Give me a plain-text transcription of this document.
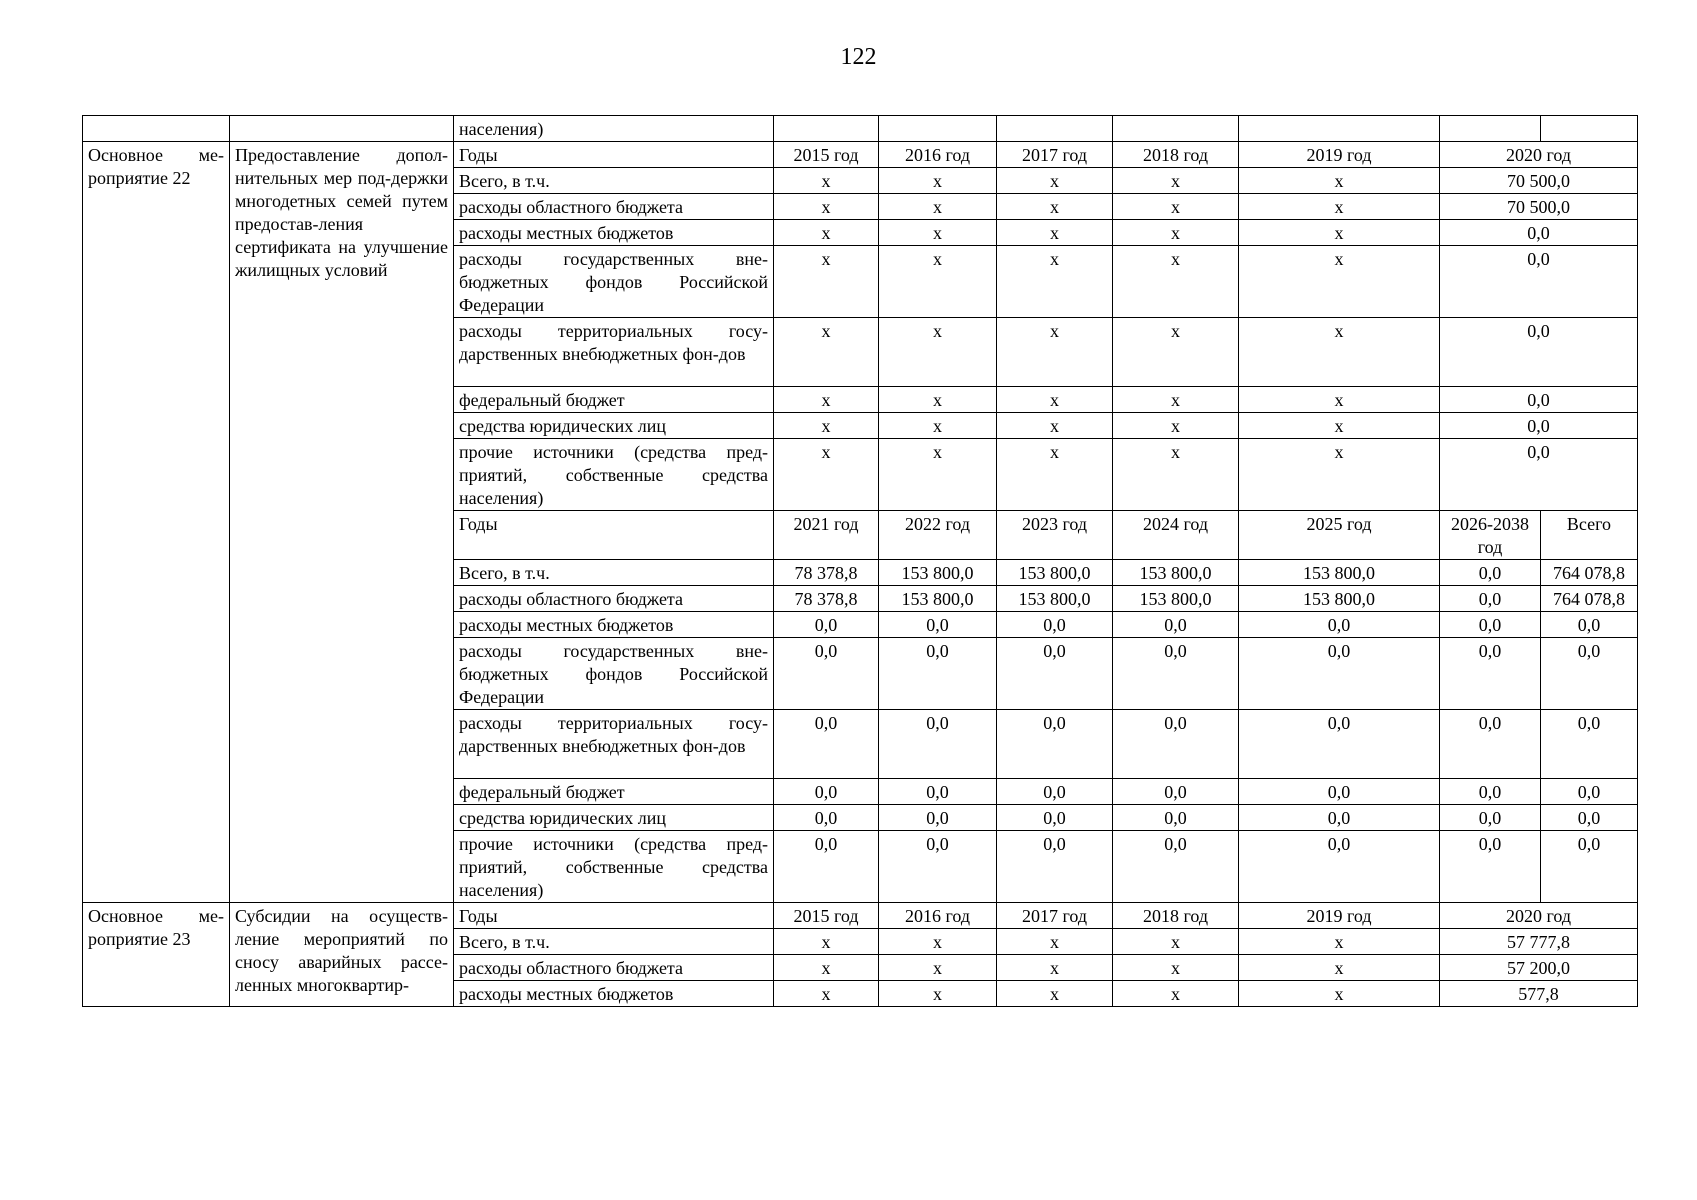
122
		населения)							
Основное ме-роприятие 22	Предоставление допол-нительных мер под-держки многодетных семей путем предостав-ления сертификата на улучшение жилищных условий	Годы	2015 год	2016 год	2017 год	2018 год	2019 год	2020 год	
		Всего, в т.ч.	х	х	х	х	х	70 500,0	
		расходы областного бюджета	х	х	х	х	х	70 500,0	
		расходы местных бюджетов	х	х	х	х	х	0,0	
		расходы государственных вне-бюджетных фондов Российской Федерации	х	х	х	х	х	0,0	
		расходы территориальных госу-дарственных внебюджетных фон-дов	х	х	х	х	х	0,0	
		федеральный бюджет	х	х	х	х	х	0,0	
		средства юридических лиц	х	х	х	х	х	0,0	
		прочие источники (средства пред-приятий, собственные средства населения)	х	х	х	х	х	0,0	
		Годы	2021 год	2022 год	2023 год	2024 год	2025 год	2026-2038 год	Всего
		Всего, в т.ч.	78 378,8	153 800,0	153 800,0	153 800,0	153 800,0	0,0	764 078,8
		расходы областного бюджета	78 378,8	153 800,0	153 800,0	153 800,0	153 800,0	0,0	764 078,8
		расходы местных бюджетов	0,0	0,0	0,0	0,0	0,0	0,0	0,0
		расходы государственных вне-бюджетных фондов Российской Федерации	0,0	0,0	0,0	0,0	0,0	0,0	0,0
		расходы территориальных госу-дарственных внебюджетных фон-дов	0,0	0,0	0,0	0,0	0,0	0,0	0,0
		федеральный бюджет	0,0	0,0	0,0	0,0	0,0	0,0	0,0
		средства юридических лиц	0,0	0,0	0,0	0,0	0,0	0,0	0,0
		прочие источники (средства пред-приятий, собственные средства населения)	0,0	0,0	0,0	0,0	0,0	0,0	0,0
Основное ме-роприятие 23	Субсидии на осуществ-ление мероприятий по сносу аварийных рассе-ленных многоквартир-	Годы	2015 год	2016 год	2017 год	2018 год	2019 год	2020 год	
		Всего, в т.ч.	х	х	х	х	х	57 777,8	
		расходы областного бюджета	х	х	х	х	х	57 200,0	
		расходы местных бюджетов	х	х	х	х	х	577,8	
